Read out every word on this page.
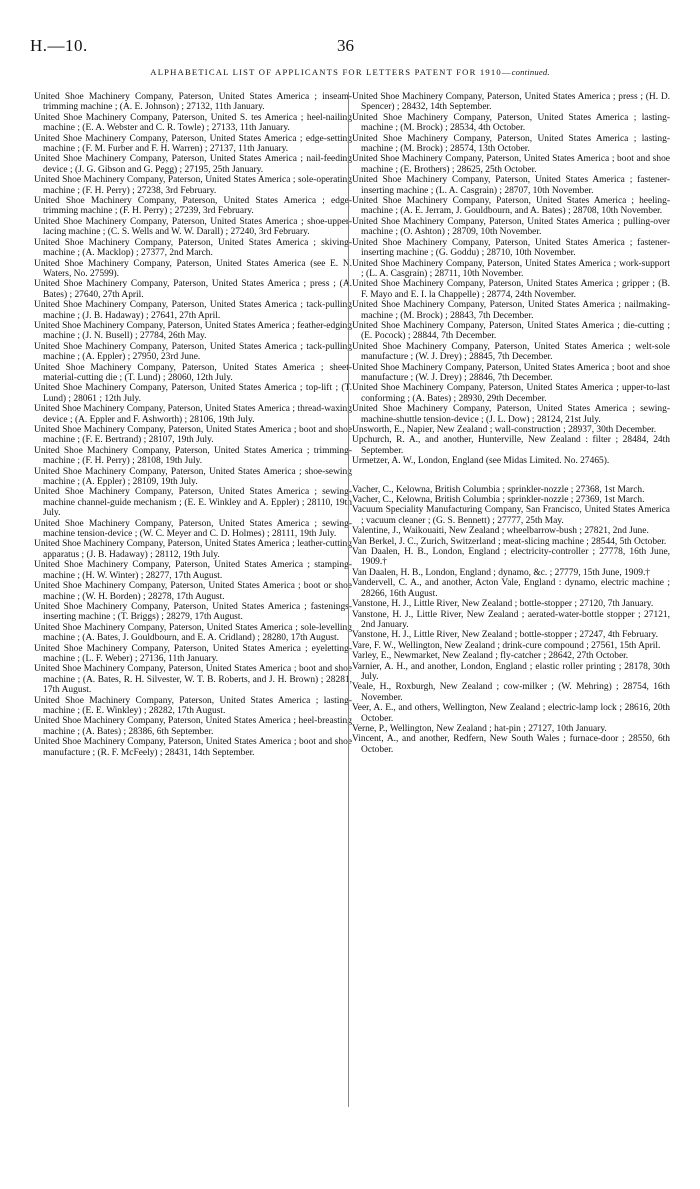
H.—10.	36
ALPHABETICAL LIST OF APPLICANTS FOR LETTERS PATENT FOR 1910—continued.

United Shoe Machinery Company, Paterson, United States America ; inseam-trimming machine ; (A. E. Johnson) ; 27132, 11th January.

United Shoe Machinery Company, Paterson, United S. tes America ; heel-nailing machine ; (E. A. Webster and C. R. Towle) ; 27133, 11th January.

United Shoe Machinery Company, Paterson, United States America ; edge-setting machine ; (F. M. Furber and F. H. Warren) ; 27137, 11th January.

United Shoe Machinery Company, Paterson, United States America ; nail-feeding device ; (J. G. Gibson and G. Pegg) ; 27195, 25th January.

United Shoe Machinery Company, Paterson, United States America ; sole-operating machine ; (F. H. Perry) ; 27238, 3rd February.

United Shoe Machinery Company, Paterson, United States America ; edge-trimming machine ; (F. H. Perry) ; 27239, 3rd February.

United Shoe Machinery Company, Paterson, United States America ; shoe-upper-lacing machine ; (C. S. Wells and W. W. Darall) ; 27240, 3rd February.

United Shoe Machinery Company, Paterson, United States America ; skiving-machine ; (A. Macklop) ; 27377, 2nd March.

United Shoe Machinery Company, Paterson, United States America (see E. N. Waters, No. 27599).

United Shoe Machinery Company, Paterson, United States America ; press ; (A. Bates) ; 27640, 27th April.

United Shoe Machinery Company, Paterson, United States America ; tack-pulling machine ; (J. B. Hadaway) ; 27641, 27th April.

United Shoe Machinery Company, Paterson, United States America ; feather-edging machine ; (J. N. Busell) ; 27784, 26th May.

United Shoe Machinery Company, Paterson, United States America ; tack-pulling machine ; (A. Eppler) ; 27950, 23rd June.

United Shoe Machinery Company, Paterson, United States America ; sheet-material-cutting die ; (T. Lund) ; 28060, 12th July.

United Shoe Machinery Company, Paterson, United States America ; top-lift ; (T. Lund) ; 28061 ; 12th July.

United Shoe Machinery Company, Paterson, United States America ; thread-waxing device ; (A. Eppler and F. Ashworth) ; 28106, 19th July.

United Shoe Machinery Company, Paterson, United States America ; boot and shoe machine ; (F. E. Bertrand) ; 28107, 19th July.

United Shoe Machinery Company, Paterson, United States America ; trimming-machine ; (F. H. Perry) ; 28108, 19th July.

United Shoe Machinery Company, Paterson, United States America ; shoe-sewing machine ; (A. Eppler) ; 28109, 19th July.

United Shoe Machinery Company, Paterson, United States America ; sewing-machine channel-guide mechanism ; (E. E. Winkley and A. Eppler) ; 28110, 19th July.

United Shoe Machinery Company, Paterson, United States America ; sewing-machine tension-device ; (W. C. Meyer and C. D. Holmes) ; 28111, 19th July.

United Shoe Machinery Company, Paterson, United States America ; leather-cutting apparatus ; (J. B. Hadaway) ; 28112, 19th July.

United Shoe Machinery Company, Paterson, United States America ; stamping-machine ; (H. W. Winter) ; 28277, 17th August.

United Shoe Machinery Company, Paterson, United States America ; boot or shoe machine ; (W. H. Borden) ; 28278, 17th August.

United Shoe Machinery Company, Paterson, United States America ; fastenings-inserting machine ; (T. Briggs) ; 28279, 17th August.

United Shoe Machinery Company, Paterson, United States America ; sole-levelling machine ; (A. Bates, J. Gouldbourn, and E. A. Cridland) ; 28280, 17th August.

United Shoe Machinery Company, Paterson, United States America ; eyeletting-machine ; (L. F. Weber) ; 27136, 11th January.

United Shoe Machinery Company, Paterson, United States America ; boot and shoe machine ; (A. Bates, R. H. Silvester, W. T. B. Roberts, and J. H. Brown) ; 28281, 17th August.

United Shoe Machinery Company, Paterson, United States America ; lasting-machine ; (E. E. Winkley) ; 28282, 17th August.

United Shoe Machinery Company, Paterson, United States America ; heel-breasting machine ; (A. Bates) ; 28386, 6th September.

United Shoe Machinery Company, Paterson, United States America ; boot and shoe manufacture ; (R. F. McFeely) ; 28431, 14th September.

United Shoe Machinery Company, Paterson, United States America ; press ; (H. D. Spencer) ; 28432, 14th September.

United Shoe Machinery Company, Paterson, United States America ; lasting-machine ; (M. Brock) ; 28534, 4th October.

United Shoe Machinery Company, Paterson, United States America ; lasting-machine ; (M. Brock) ; 28574, 13th October.

United Shoe Machinery Company, Paterson, United States America ; boot and shoe machine ; (E. Brothers) ; 28625, 25th October.

United Shoe Machinery Company, Paterson, United States America ; fastener-inserting machine ; (L. A. Casgrain) ; 28707, 10th November.

United Shoe Machinery Company, Paterson, United States America ; heeling-machine ; (A. E. Jerram, J. Gouldbourn, and A. Bates) ; 28708, 10th November.

United Shoe Machinery Company, Paterson, United States America ; pulling-over machine ; (O. Ashton) ; 28709, 10th November.

United Shoe Machinery Company, Paterson, United States America ; fastener-inserting machine ; (G. Goddu) ; 28710, 10th November.

United Shoe Machinery Company, Paterson, United States America ; work-support ; (L. A. Casgrain) ; 28711, 10th November.

United Shoe Machinery Company, Paterson, United States America ; gripper ; (B. F. Mayo and E. I. la Chappelle) ; 28774, 24th November.

United Shoe Machinery Company, Paterson, United States America ; nailmaking-machine ; (M. Brock) ; 28843, 7th December.

United Shoe Machinery Company, Paterson, United States America ; die-cutting ; (E. Pocock) ; 28844, 7th December.

United Shoe Machinery Company, Paterson, United States America ; welt-sole manufacture ; (W. J. Drey) ; 28845, 7th December.

United Shoe Machinery Company, Paterson, United States America ; boot and shoe manufacture ; (W. J. Drey) ; 28846, 7th December.

United Shoe Machinery Company, Paterson, United States America ; upper-to-last conforming ; (A. Bates) ; 28930, 29th December.

United Shoe Machinery Company, Paterson, United States America ; sewing-machine-shuttle tension-device ; (J. L. Dow) ; 28124, 21st July.

Unsworth, E., Napier, New Zealand ; wall-construction ; 28937, 30th December.

Upchurch, R. A., and another, Hunterville, New Zealand : filter ; 28484, 24th September.

Urmetzer, A. W., London, England (see Midas Limited. No. 27465).

Vacher, C., Kelowna, British Columbia ; sprinkler-nozzle ; 27368, 1st March.

Vacher, C., Kelowna, British Columbia ; sprinkler-nozzle ; 27369, 1st March.

Vacuum Speciality Manufacturing Company, San Francisco, United States America ; vacuum cleaner ; (G. S. Bennett) ; 27777, 25th May.

Valentine, J., Waikouaiti, New Zealand ; wheelbarrow-bush ; 27821, 2nd June.

Van Berkel, J. C., Zurich, Switzerland ; meat-slicing machine ; 28544, 5th October.

Van Daalen, H. B., London, England ; electricity-controller ; 27778, 16th June, 1909.†

Van Daalen, H. B., London, England ; dynamo, &c. ; 27779, 15th June, 1909.†

Vandervell, C. A., and another, Acton Vale, England : dynamo, electric machine ; 28266, 16th August.

Vanstone, H. J., Little River, New Zealand ; bottle-stopper ; 27120, 7th January.

Vanstone, H. J., Little River, New Zealand ; aerated-water-bottle stopper ; 27121, 2nd January.

Vanstone, H. J., Little River, New Zealand ; bottle-stopper ; 27247, 4th February.

Vare, F. W., Wellington, New Zealand ; drink-cure compound ; 27561, 15th April.

Varley, E., Newmarket, New Zealand ; fly-catcher ; 28642, 27th October.

Varnier, A. H., and another, London, England ; elastic roller printing ; 28178, 30th July.

Veale, H., Roxburgh, New Zealand ; cow-milker ; (W. Mehring) ; 28754, 16th November.

Veer, A. E., and others, Wellington, New Zealand ; electric-lamp lock ; 28616, 20th October.

Verne, P., Wellington, New Zealand ; hat-pin ; 27127, 10th January.

Vincent, A., and another, Redfern, New South Wales ; furnace-door ; 28550, 6th October.
